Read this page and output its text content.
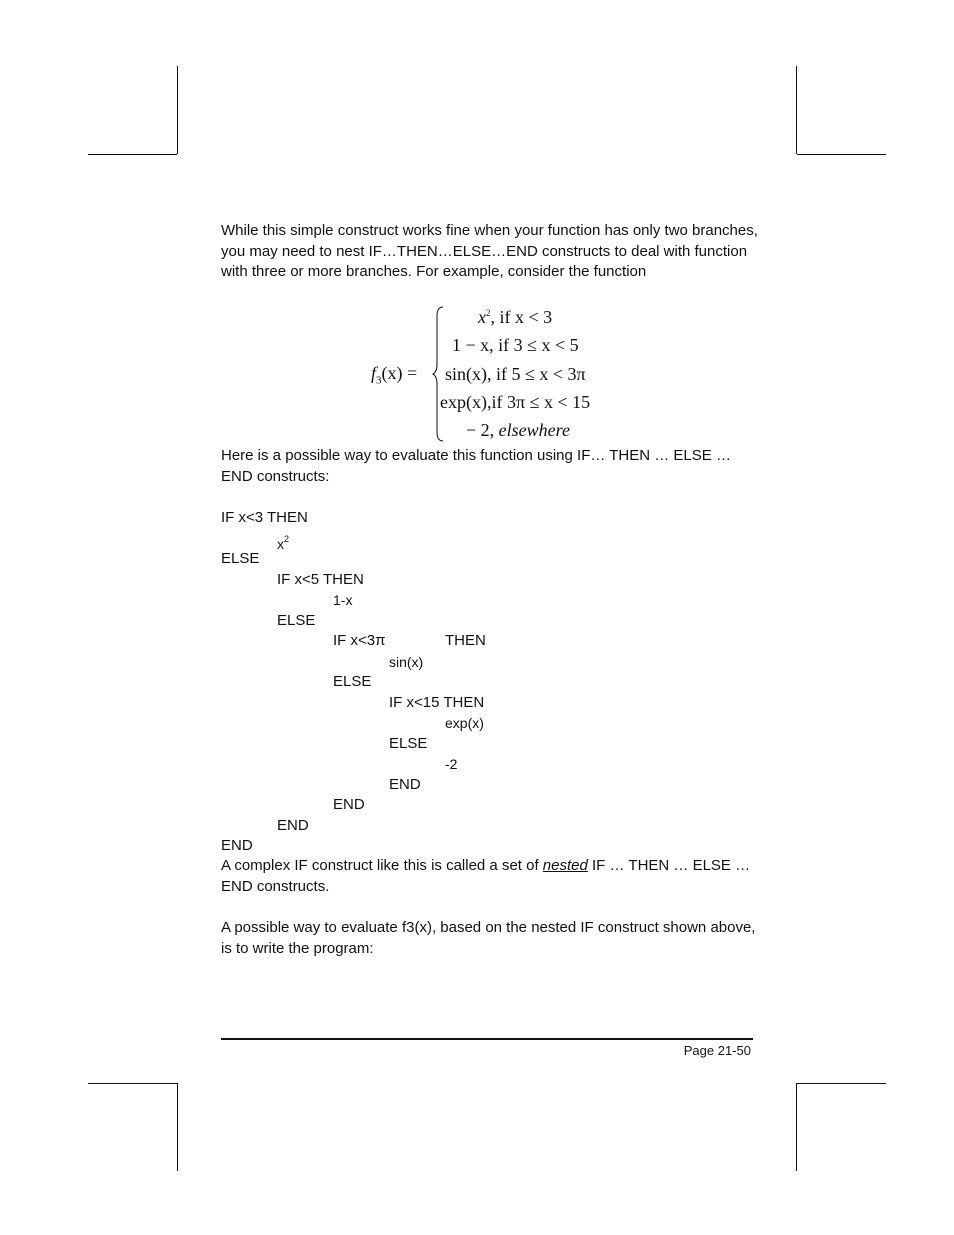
While this simple construct works fine when your function has only two branches, you may need to nest IF…THEN…ELSE…END constructs to deal with function with three or more branches. For example, consider the function
$f_3(x)$ =
$x^2$, if x < 3
1 − x, if 3 ≤ x < 5
sin(x), if 5 ≤ x < 3π
exp(x),if 3π ≤ x < 15
− 2, elsewhere
Here is a possible way to evaluate this function using IF… THEN … ELSE … END constructs:
IF x<3 THEN
$x^2$
ELSE
IF x<5 THEN
1-x
ELSE
IF x<3π	THEN
sin(x)
ELSE
IF x<15 THEN
exp(x)
ELSE
-2
END
END
END
END
A complex IF construct like this is called a set of nested IF … THEN … ELSE … END constructs.
A possible way to evaluate f3(x), based on the nested IF construct shown above, is to write the program:
Page 21-50
